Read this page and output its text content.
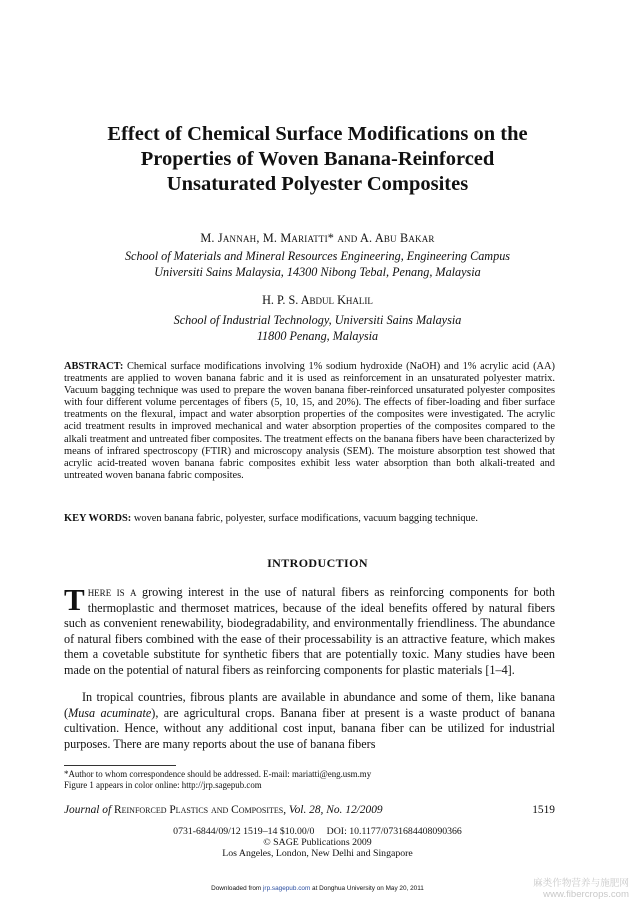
Effect of Chemical Surface Modifications on the
Properties of Woven Banana-Reinforced
Unsaturated Polyester Composites
M. Jannah, M. Mariatti* and A. Abu Bakar
School of Materials and Mineral Resources Engineering, Engineering Campus
Universiti Sains Malaysia, 14300 Nibong Tebal, Penang, Malaysia
H. P. S. Abdul Khalil
School of Industrial Technology, Universiti Sains Malaysia
11800 Penang, Malaysia
ABSTRACT: Chemical surface modifications involving 1% sodium hydroxide (NaOH) and 1% acrylic acid (AA) treatments are applied to woven banana fabric and it is used as reinforcement in an unsaturated polyester matrix. Vacuum bagging technique was used to prepare the woven banana fiber-reinforced unsaturated polyester composites with four different volume percentages of fibers (5, 10, 15, and 20%). The effects of fiber-loading and fiber surface treatments on the flexural, impact and water absorption properties of the composites were investigated. The acrylic acid treatment results in improved mechanical and water absorption properties of the composites compared to the alkali treatment and untreated fiber composites. The treatment effects on the banana fibers have been characterized by means of infrared spectroscopy (FTIR) and microscopy analysis (SEM). The moisture absorption test showed that acrylic acid-treated woven banana fabric composites exhibit less water absorption than both alkali-treated and untreated woven banana fabric composites.
KEY WORDS: woven banana fabric, polyester, surface modifications, vacuum bagging technique.
INTRODUCTION
T here is a growing interest in the use of natural fibers as reinforcing components for both thermoplastic and thermoset matrices, because of the ideal benefits offered by natural fibers such as convenient renewability, biodegradability, and environmentally friendliness. The abundance of natural fibers combined with the ease of their processability is an attractive feature, which makes them a covetable substitute for synthetic fibers that are potentially toxic. Many studies have been made on the potential of natural fibers as reinforcing components for plastic materials [1–4].
In tropical countries, fibrous plants are available in abundance and some of them, like banana (Musa acuminate), are agricultural crops. Banana fiber at present is a waste product of banana cultivation. Hence, without any additional cost input, banana fiber can be utilized for industrial purposes. There are many reports about the use of banana fibers
*Author to whom correspondence should be addressed. E-mail: mariatti@eng.usm.my
Figure 1 appears in color online: http://jrp.sagepub.com
Journal of Reinforced Plastics and Composites, Vol. 28, No. 12/2009	1519
0731-6844/09/12 1519–14 $10.00/0     DOI: 10.1177/0731684408090366
© SAGE Publications 2009
Los Angeles, London, New Delhi and Singapore
Downloaded from jrp.sagepub.com at Donghua University on May 20, 2011	麻类作物营养与施肥网
www.fibercrops.com
